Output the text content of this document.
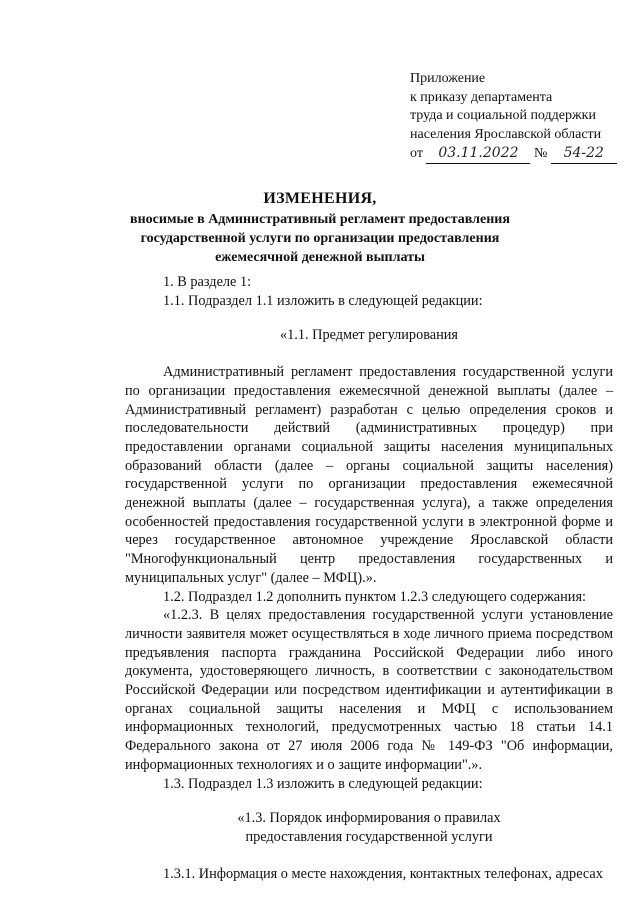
Приложение
к приказу департамента
труда и социальной поддержки
населения Ярославской области
от 03.11.2022 № 54-22
ИЗМЕНЕНИЯ,
вносимые в Административный регламент предоставления государственной услуги по организации предоставления ежемесячной денежной выплаты

1. В разделе 1:

1.1. Подраздел 1.1 изложить в следующей редакции:

«1.1. Предмет регулирования

Административный регламент предоставления государственной услуги по организации предоставления ежемесячной денежной выплаты (далее – Административный регламент) разработан с целью определения сроков и последовательности действий (административных процедур) при предоставлении органами социальной защиты населения муниципальных образований области (далее – органы социальной защиты населения) государственной услуги по организации предоставления ежемесячной денежной выплаты (далее – государственная услуга), а также определения особенностей предоставления государственной услуги в электронной форме и через государственное автономное учреждение Ярославской области "Многофункциональный центр предоставления государственных и муниципальных услуг" (далее – МФЦ).».

1.2. Подраздел 1.2 дополнить пунктом 1.2.3 следующего содержания:

«1.2.3. В целях предоставления государственной услуги установление личности заявителя может осуществляться в ходе личного приема посредством предъявления паспорта гражданина Российской Федерации либо иного документа, удостоверяющего личность, в соответствии с законодательством Российской Федерации или посредством идентификации и аутентификации в органах социальной защиты населения и МФЦ с использованием информационных технологий, предусмотренных частью 18 статьи 14.1 Федерального закона от 27 июля 2006 года № 149-ФЗ "Об информации, информационных технологиях и о защите информации".».

1.3. Подраздел 1.3 изложить в следующей редакции:

«1.3. Порядок информирования о правилах

предоставления государственной услуги

1.3.1. Информация о месте нахождения, контактных телефонах, адресах
